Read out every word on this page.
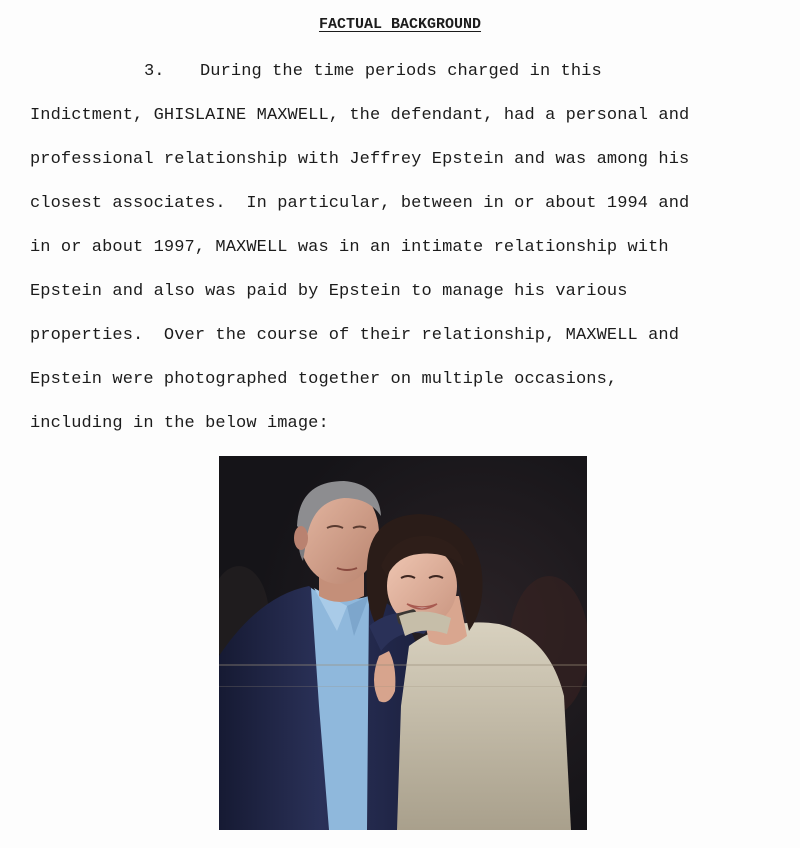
FACTUAL BACKGROUND
3. During the time periods charged in this
Indictment, GHISLAINE MAXWELL, the defendant, had a personal and
professional relationship with Jeffrey Epstein and was among his
closest associates.  In particular, between in or about 1994 and
in or about 1997, MAXWELL was in an intimate relationship with
Epstein and also was paid by Epstein to manage his various
properties.  Over the course of their relationship, MAXWELL and
Epstein were photographed together on multiple occasions,
including in the below image:
